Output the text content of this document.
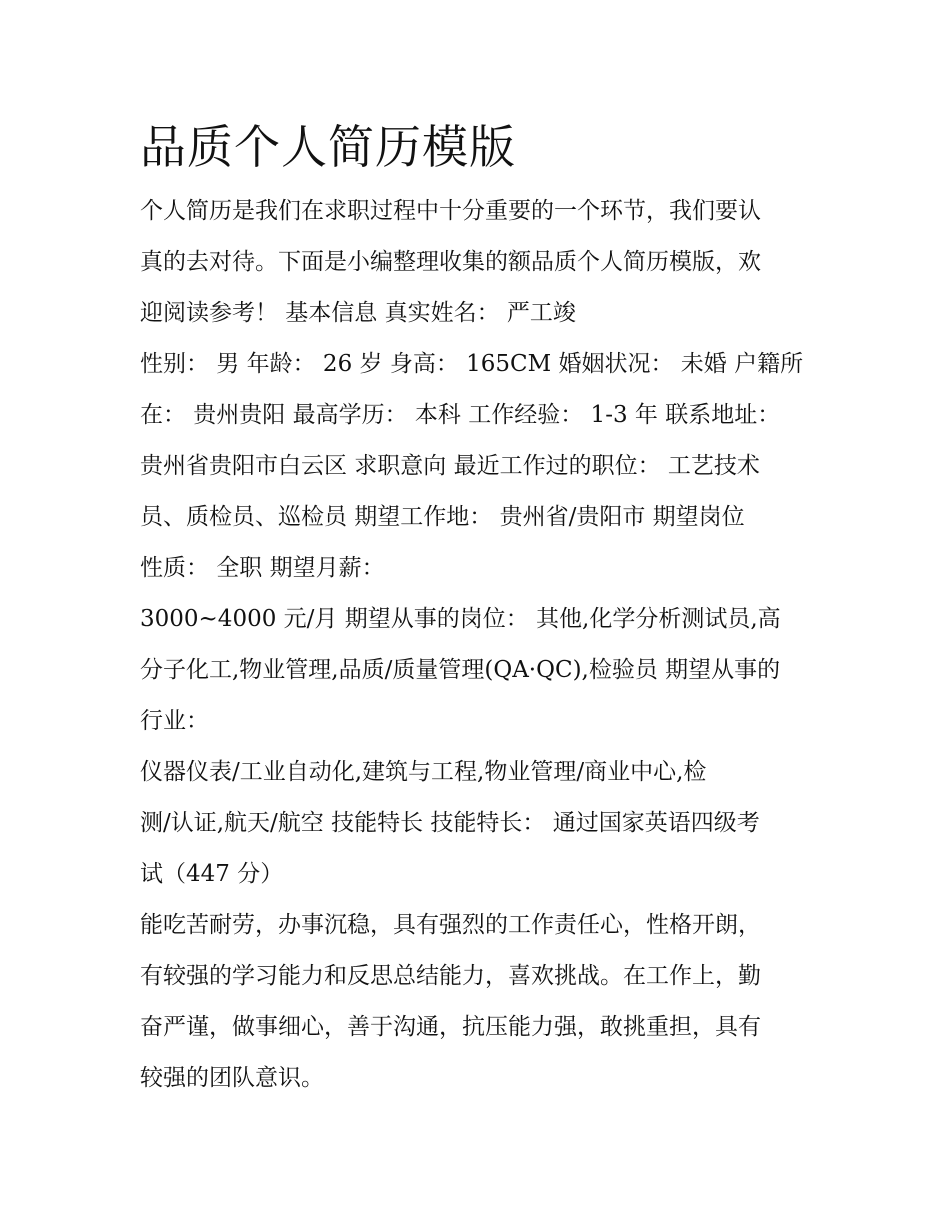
品质个人简历模版
个人简历是我们在求职过程中十分重要的一个环节，我们要认
真的去对待。下面是小编整理收集的额品质个人简历模版，欢
迎阅读参考！ 基本信息 真实姓名： 严工竣
性别： 男 年龄： 26 岁 身高： 165CM 婚姻状况： 未婚 户籍所
在： 贵州贵阳 最高学历： 本科 工作经验： 1-3 年 联系地址：
贵州省贵阳市白云区 求职意向 最近工作过的职位： 工艺技术
员、质检员、巡检员 期望工作地： 贵州省/贵阳市 期望岗位
性质： 全职 期望月薪：
3000~4000 元/月 期望从事的岗位： 其他,化学分析测试员,高
分子化工,物业管理,品质/质量管理(QA·QC),检验员 期望从事的
行业：
仪器仪表/工业自动化,建筑与工程,物业管理/商业中心,检
测/认证,航天/航空 技能特长 技能特长： 通过国家英语四级考
试（447 分）
能吃苦耐劳，办事沉稳，具有强烈的工作责任心，性格开朗，
有较强的学习能力和反思总结能力，喜欢挑战。在工作上，勤
奋严谨，做事细心，善于沟通，抗压能力强，敢挑重担，具有
较强的团队意识。
